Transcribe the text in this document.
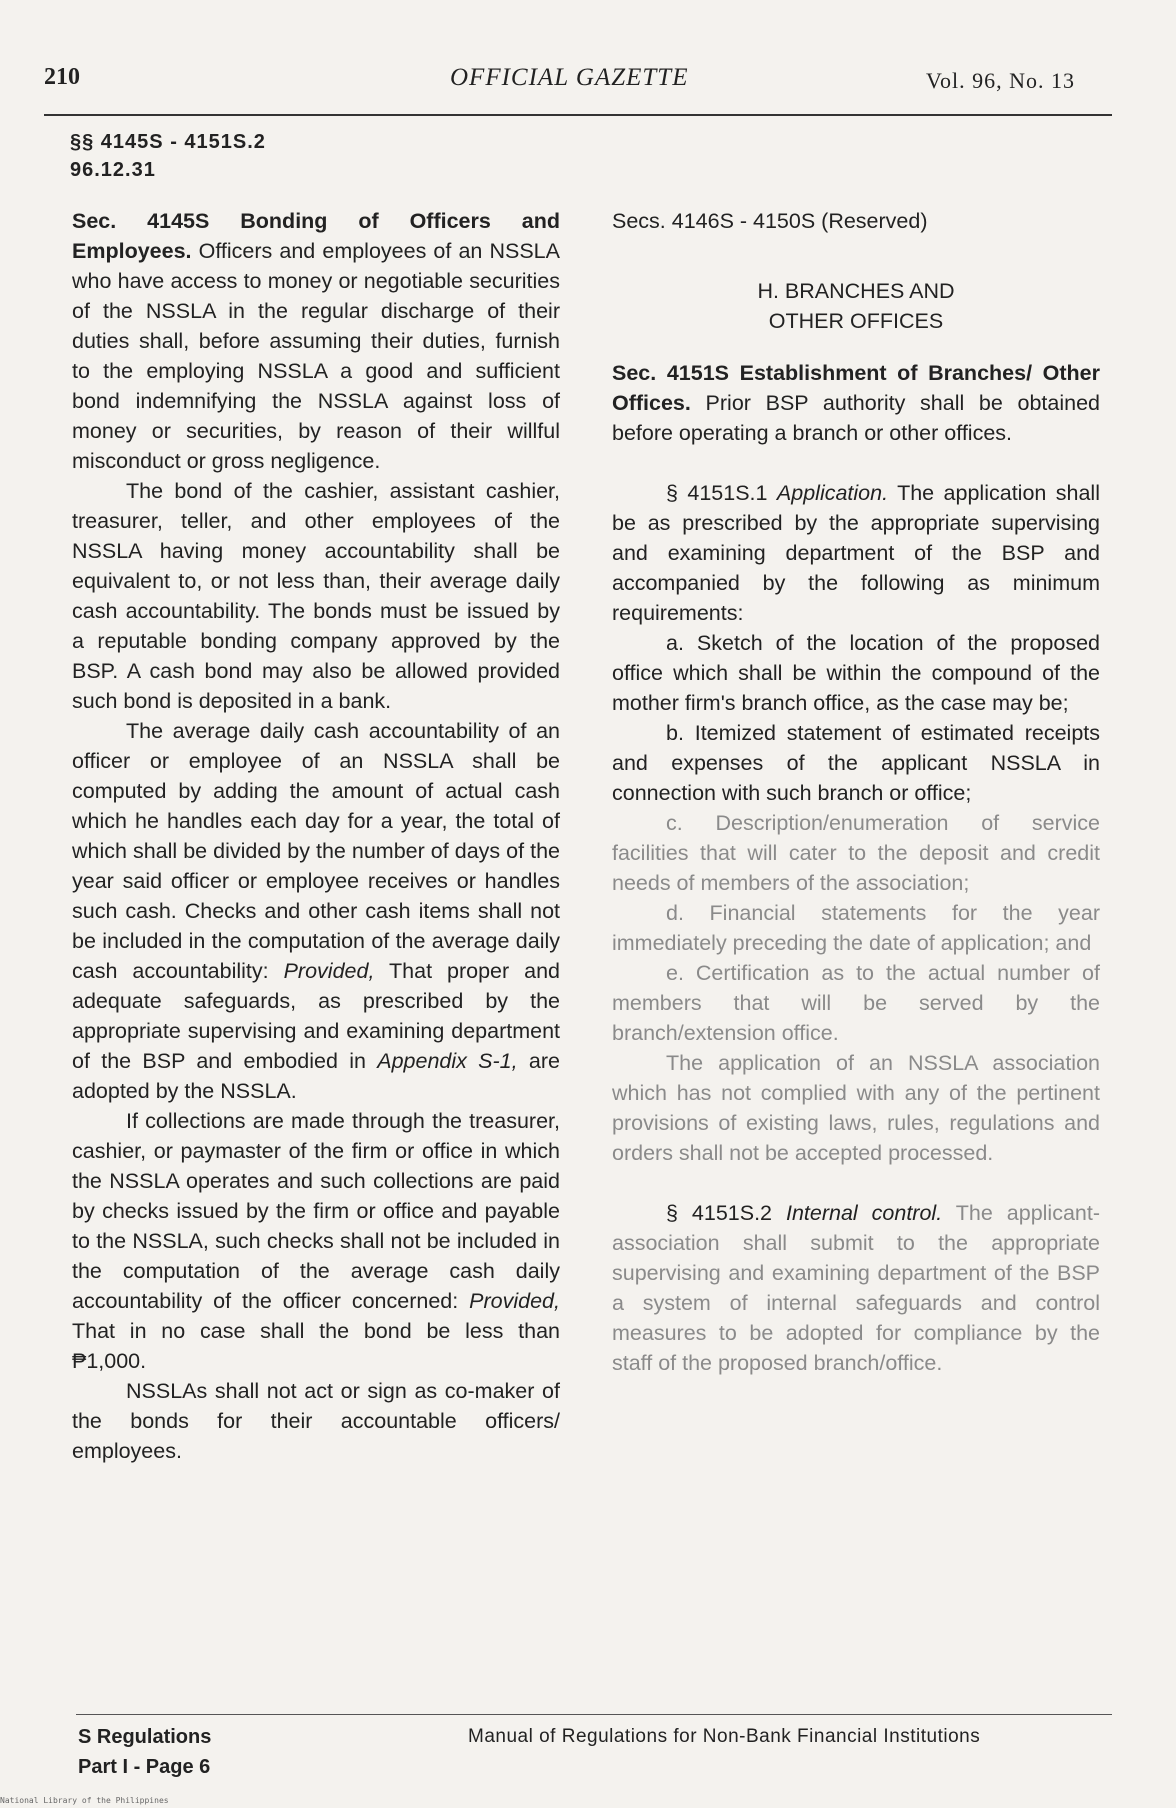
210	OFFICIAL GAZETTE	Vol. 96, No. 13
§§ 4145S - 4151S.2
96.12.31

Sec. 4145S Bonding of Officers and Employees. Officers and employees of an NSSLA who have access to money or negotiable securities of the NSSLA in the regular discharge of their duties shall, before assuming their duties, furnish to the employing NSSLA a good and sufficient bond indemnifying the NSSLA against loss of money or securities, by reason of their willful misconduct or gross negligence.

The bond of the cashier, assistant cashier, treasurer, teller, and other employees of the NSSLA having money accountability shall be equivalent to, or not less than, their average daily cash accountability. The bonds must be issued by a reputable bonding company approved by the BSP. A cash bond may also be allowed provided such bond is deposited in a bank.

The average daily cash accountability of an officer or employee of an NSSLA shall be computed by adding the amount of actual cash which he handles each day for a year, the total of which shall be divided by the number of days of the year said officer or employee receives or handles such cash. Checks and other cash items shall not be included in the computation of the average daily cash accountability: Provided, That proper and adequate safeguards, as prescribed by the appropriate supervising and examining department of the BSP and embodied in Appendix S-1, are adopted by the NSSLA.

If collections are made through the treasurer, cashier, or paymaster of the firm or office in which the NSSLA operates and such collections are paid by checks issued by the firm or office and payable to the NSSLA, such checks shall not be included in the computation of the average cash daily accountability of the officer concerned: Provided, That in no case shall the bond be less than ₱1,000.

NSSLAs shall not act or sign as co-maker of the bonds for their accountable officers/ employees.

Secs. 4146S - 4150S (Reserved)

H. BRANCHES AND

OTHER OFFICES

Sec. 4151S Establishment of Branches/ Other Offices. Prior BSP authority shall be obtained before operating a branch or other offices.

§ 4151S.1 Application. The application shall be as prescribed by the appropriate supervising and examining department of the BSP and accompanied by the following as minimum requirements:

a. Sketch of the location of the proposed office which shall be within the compound of the mother firm's branch office, as the case may be;

b. Itemized statement of estimated receipts and expenses of the applicant NSSLA in connection with such branch or office;

c. Description/enumeration of service facilities that will cater to the deposit and credit needs of members of the association;

d. Financial statements for the year immediately preceding the date of application; and

e. Certification as to the actual number of members that will be served by the branch/extension office.

The application of an NSSLA association which has not complied with any of the pertinent provisions of existing laws, rules, regulations and orders shall not be accepted processed.

§ 4151S.2 Internal control. The applicant-association shall submit to the appropriate supervising and examining department of the BSP a system of internal safeguards and control measures to be adopted for compliance by the staff of the proposed branch/office.

S Regulations
Part I - Page 6
Manual of Regulations for Non-Bank Financial Institutions
National Library of the Philippines
